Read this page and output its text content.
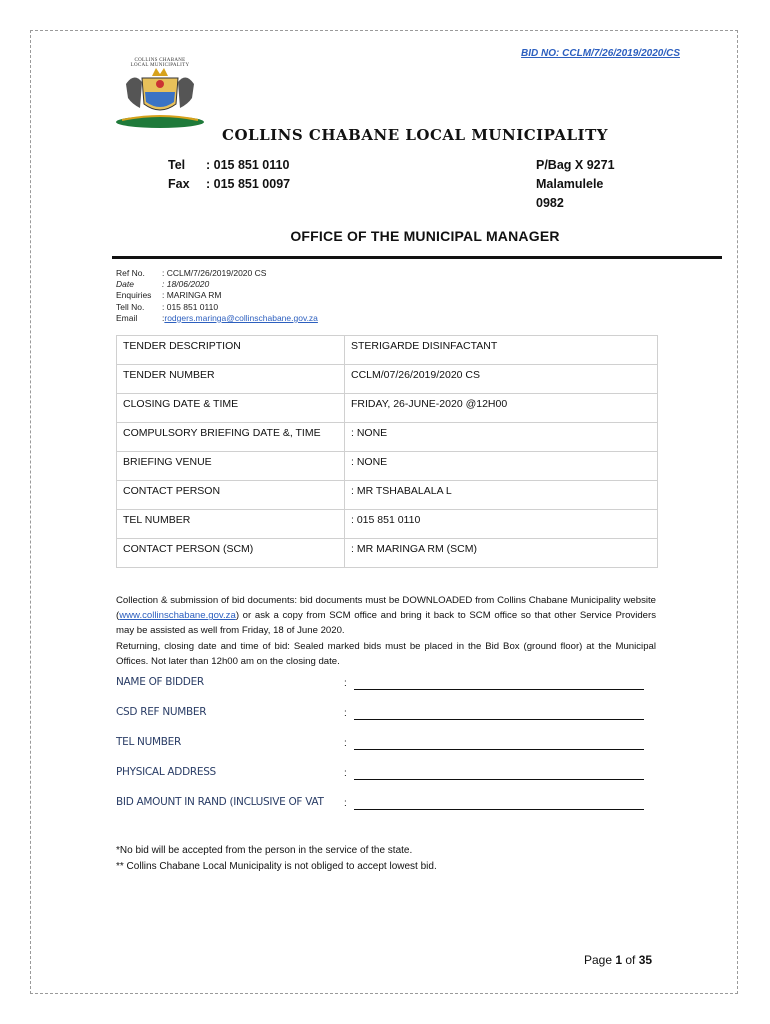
BID NO: CCLM/7/26/2019/2020/CS
COLLINS CHABANE
LOCAL MUNICIPALITY
COLLINS CHABANE LOCAL MUNICIPALITY
Tel	: 015 851 0110
Fax	: 015 851 0097
P/Bag X 9271
Malamulele
0982
OFFICE OF THE MUNICIPAL MANAGER
Ref No.	: CCLM/7/26/2019/2020 CS
Date	: 18/06/2020
Enquiries	: MARINGA RM
Tell No.	: 015 851 0110
Email	: rodgers.maringa@collinschabane.gov.za
TENDER DESCRIPTION	STERIGARDE DISINFACTANT
TENDER NUMBER	CCLM/07/26/2019/2020 CS
CLOSING DATE & TIME	FRIDAY, 26-JUNE-2020 @12H00
COMPULSORY BRIEFING DATE &, TIME	: NONE
BRIEFING VENUE	: NONE
CONTACT PERSON	: MR TSHABALALA L
TEL NUMBER	: 015 851 0110
CONTACT PERSON (SCM)	: MR MARINGA RM (SCM)
Collection & submission of bid documents: bid documents must be DOWNLOADED from Collins Chabane Municipality website (www.collinschabane.gov.za) or ask a copy from SCM office and bring it back to SCM office so that other Service Providers may be assisted as well from Friday, 18 of June 2020.
Returning, closing date and time of bid: Sealed marked bids must be placed in the Bid Box (ground floor) at the Municipal Offices. Not later than 12h00 am on the closing date.
NAME OF BIDDER	:
CSD REF NUMBER	:
TEL NUMBER	:
PHYSICAL ADDRESS	:
BID AMOUNT IN RAND (INCLUSIVE OF VAT :
*No bid will be accepted from the person in the service of the state.
** Collins Chabane Local Municipality is not obliged to accept lowest bid.
Page 1 of 35
